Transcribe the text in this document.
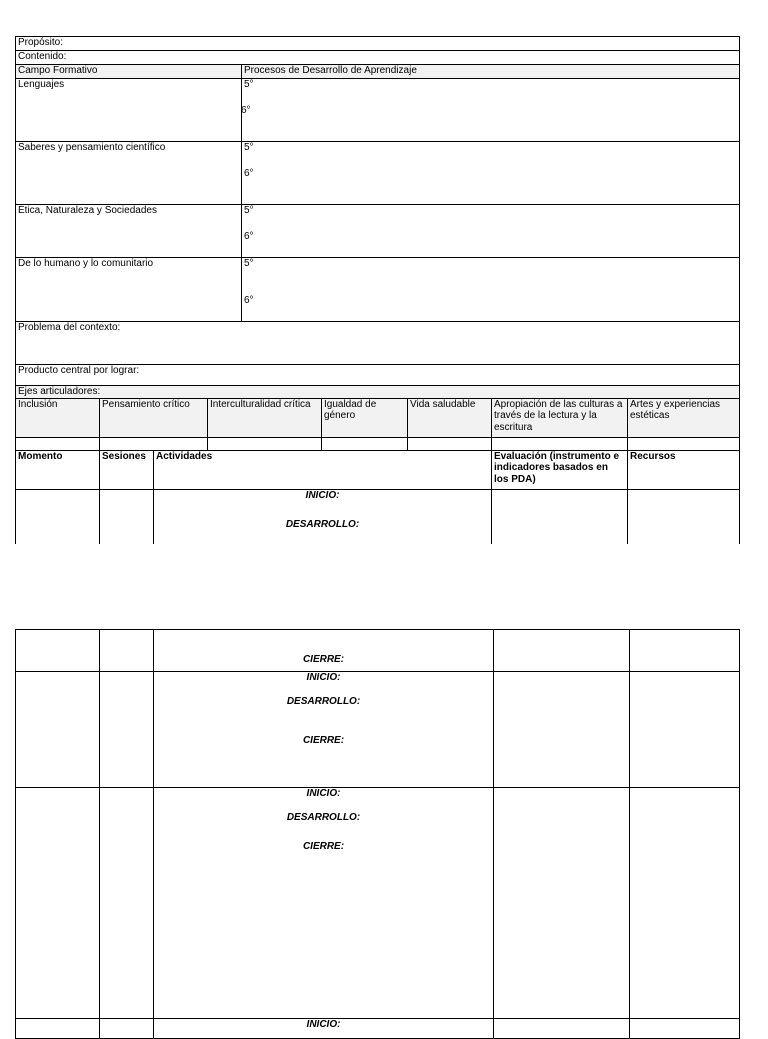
Propósito:								
Contenido:								
Campo Formativo				Procesos de Desarrollo de Aprendizaje				
Lenguajes				5°
6°				

Saberes y pensamiento científico				5°
6°				

Ética, Naturaleza y Sociedades				5°
6°				

De lo humano y lo comunitario				5°
6°				

Problema del contexto:								
Producto central por lograr:								
Ejes articuladores:								
Inclusión	Pensamiento crítico		Interculturalidad crítica		Igualdad de género	Vida saludable	Apropiación de las culturas a través de la lectura y la escritura	Artes y experiencias estéticas

Momento	Sesiones	Actividades					Evaluación (instrumento e indicadores basados en los PDA)	Recursos

		INICIO:
DESARROLLO:						

		CIERRE:		

		INICIO:
DESARROLLO:
CIERRE:		

		INICIO:
DESARROLLO:
CIERRE:		

		INICIO:		
